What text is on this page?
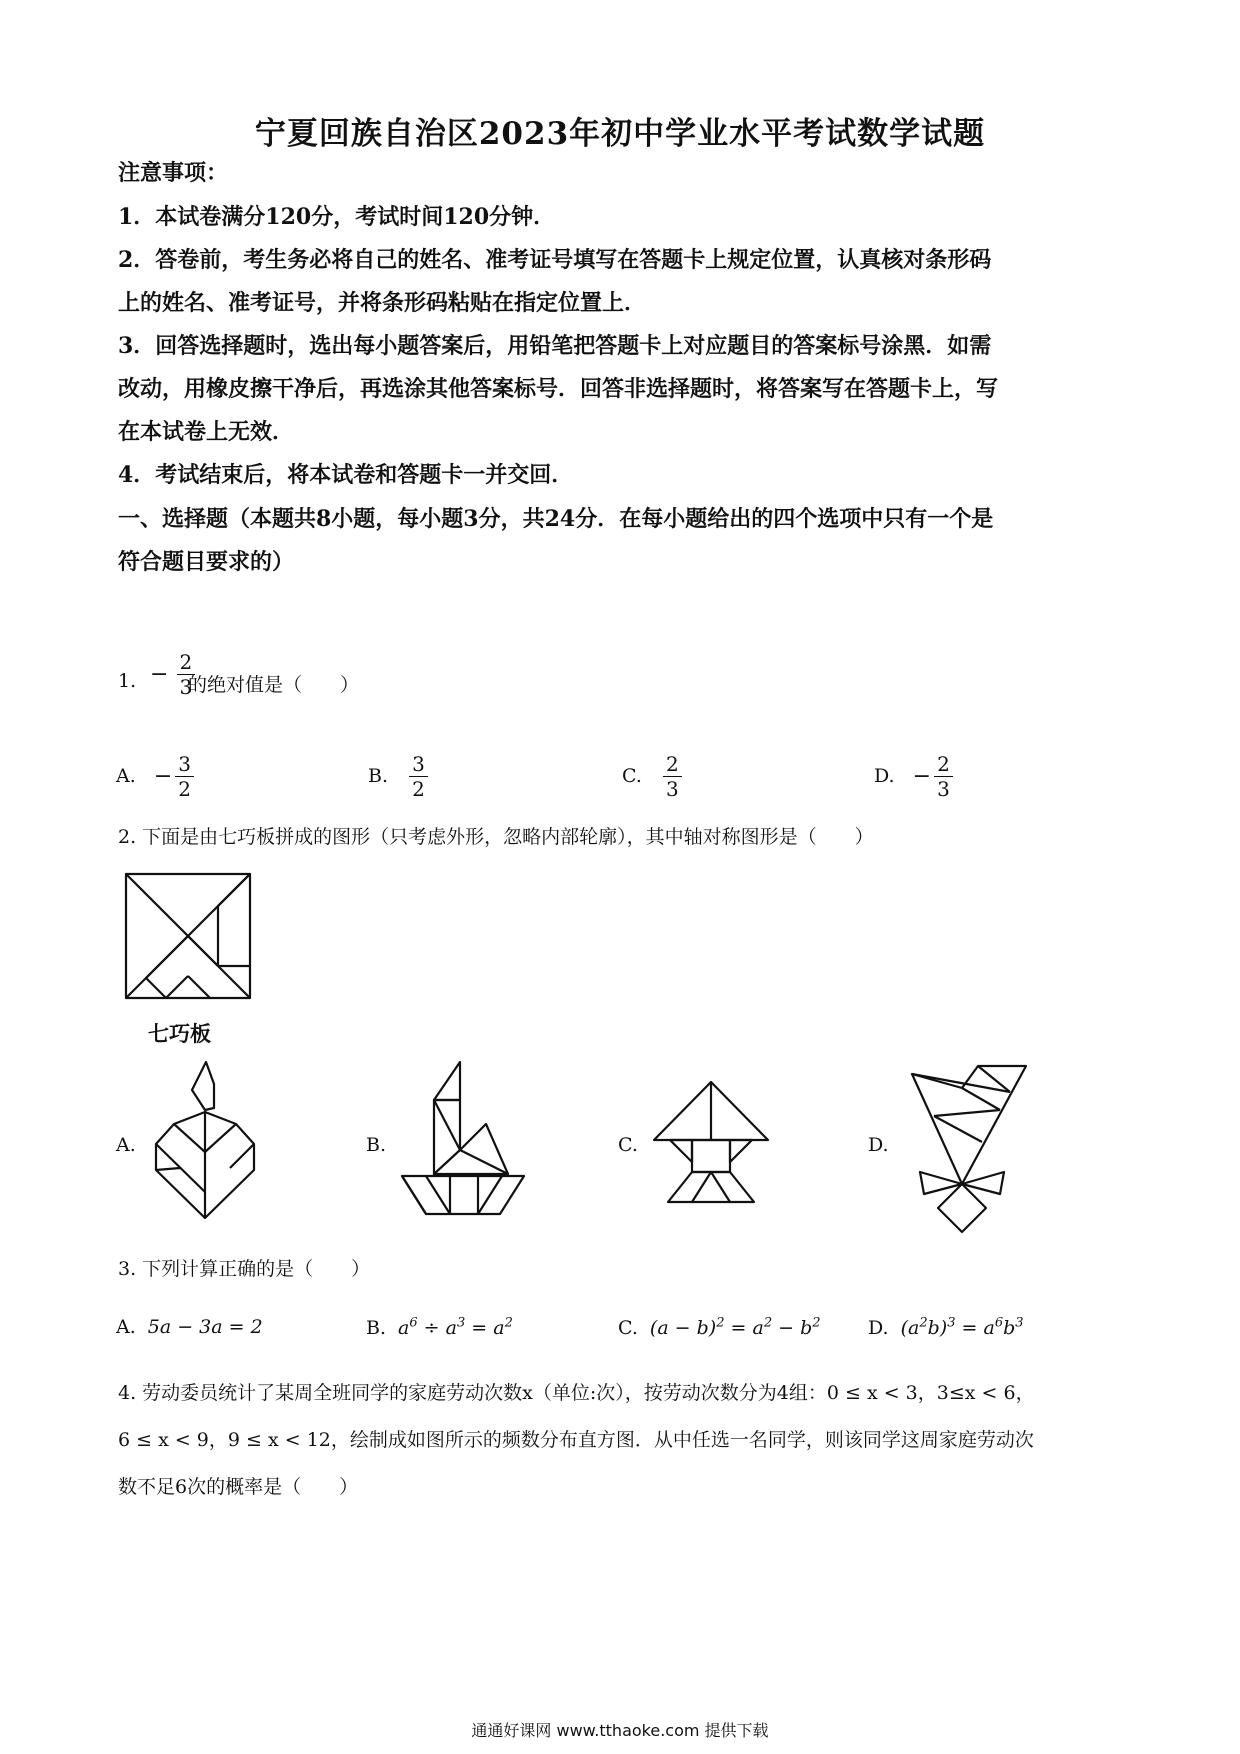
宁夏回族自治区2023年初中学业水平考试数学试题
注意事项：
1．本试卷满分120分，考试时间120分钟．
2．答卷前，考生务必将自己的姓名、准考证号填写在答题卡上规定位置，认真核对条形码
上的姓名、准考证号，并将条形码粘贴在指定位置上．
3．回答选择题时，选出每小题答案后，用铅笔把答题卡上对应题目的答案标号涂黑．如需
改动，用橡皮擦干净后，再选涂其他答案标号．回答非选择题时，将答案写在答题卡上，写
在本试卷上无效．
4．考试结束后，将本试卷和答题卡一并交回．
一、选择题（本题共8小题，每小题3分，共24分．在每小题给出的四个选项中只有一个是
符合题目要求的）
1. − $\frac{2}{3}$
的绝对值是（　　）
A. − $\frac{3}{2}$	B. $\frac{3}{2}$	C. $\frac{2}{3}$	D. − $\frac{2}{3}$
2. 下面是由七巧板拼成的图形（只考虑外形，忽略内部轮廓），其中轴对称图形是（　　）
七巧板
A.	B.	C.	D.
3. 下列计算正确的是（　　）
A. 5a − 3a = 2	B. $a^6 \div a^3 = a^2$	C. $(a - b)^2 = a^2 - b^2$ D. $(a^2b)^3 = a^6b^3$
4. 劳动委员统计了某周全班同学的家庭劳动次数x（单位:次），按劳动次数分为4组：0 ≤ x < 3，3≤x < 6，
6 ≤ x < 9，9 ≤ x < 12，绘制成如图所示的频数分布直方图．从中任选一名同学，则该同学这周家庭劳动次
数不足6次的概率是（　　）
通通好课网 www.tthaoke.com 提供下载
